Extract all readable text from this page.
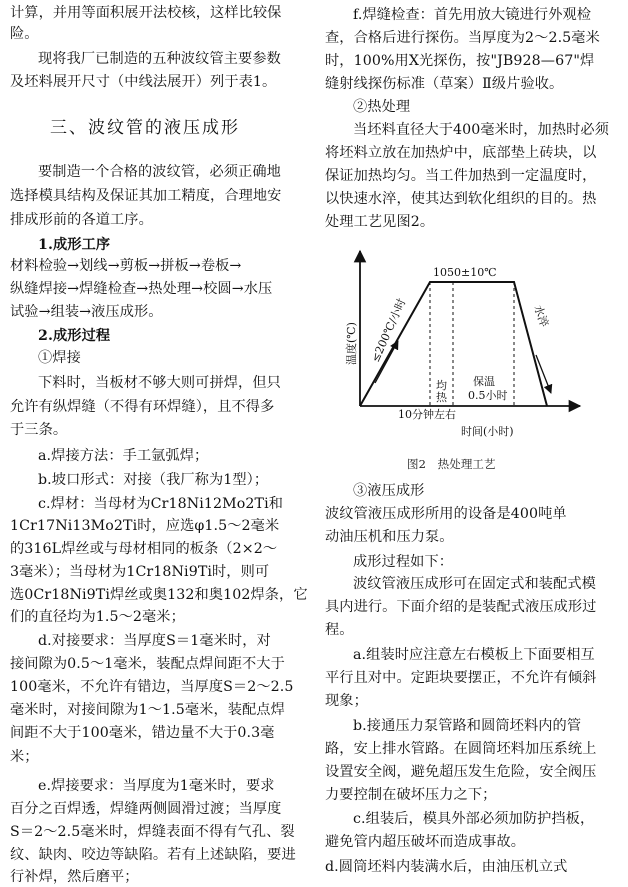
计算，并用等面积展开法校核，这样比较保
险。
现将我厂已制造的五种波纹管主要参数
及坯料展开尺寸（中线法展开）列于表1。
三、波纹管的液压成形
要制造一个合格的波纹管，必须正确地
选择模具结构及保证其加工精度，合理地安
排成形前的各道工序。
1.成形工序
材料检验→划线→剪板→拼板→卷板→
纵缝焊接→焊缝检查→热处理→校圆→水压
试验→组装→液压成形。
2.成形过程
①焊接
下料时，当板材不够大则可拼焊，但只
允许有纵焊缝（不得有环焊缝），且不得多
于三条。
a.焊接方法：手工氩弧焊；
b.坡口形式：对接（我厂称为1型）；
c.焊材：当母材为Cr18Ni12Mo2Ti和
1Cr17Ni13Mo2Ti时，应选φ1.5～2毫米
的316L焊丝或与母材相同的板条（2×2～
3毫米）；当母材为1Cr18Ni9Ti时，则可
选0Cr18Ni9Ti焊丝或奥132和奥102焊条，它
们的直径均为1.5～2毫米；
d.对接要求：当厚度S＝1毫米时，对
接间隙为0.5～1毫米，装配点焊间距不大于
100毫米，不允许有错边，当厚度S＝2～2.5
毫米时，对接间隙为1～1.5毫米，装配点焊
间距不大于100毫米，错边量不大于0.3毫
米；
e.焊接要求：当厚度为1毫米时，要求
百分之百焊透，焊缝两侧圆滑过渡；当厚度
S＝2～2.5毫米时，焊缝表面不得有气孔、裂
纹、缺肉、咬边等缺陷。若有上述缺陷，要进
行补焊，然后磨平；
f.焊缝检查：首先用放大镜进行外观检
查，合格后进行探伤。当厚度为2～2.5毫米
时，100%用X光探伤，按"JB928—67"焊
缝射线探伤标准（草案）Ⅱ级片验收。
②热处理
当坯料直径大于400毫米时，加热时必须
将坯料立放在加热炉中，底部垫上砖块，以
保证加热均匀。当工件加热到一定温度时，
以快速水淬，使其达到软化组织的目的。热
处理工艺见图2。
图2　热处理工艺
③液压成形
波纹管液压成形所用的设备是400吨单
动油压机和压力泵。
成形过程如下：
波纹管液压成形可在固定式和装配式模
具内进行。下面介绍的是装配式液压成形过
程。
a.组装时应注意左右模板上下面要相互
平行且对中。定距块要摆正，不允许有倾斜
现象；
b.接通压力泵管路和圆筒坯料内的管
路，安上排水管路。在圆筒坯料加压系统上
设置安全阀，避免超压发生危险，安全阀压
力要控制在破坏压力之下；
c.组装后，模具外部必须加防护挡板，
避免管内超压破坏而造成事故。
d.圆筒坯料内装满水后，由油压机立式
1050±10℃
温度(℃) ≤200℃/小时
均
热
保温
0.5小时
10分钟左右
水淬
时间(小时)
